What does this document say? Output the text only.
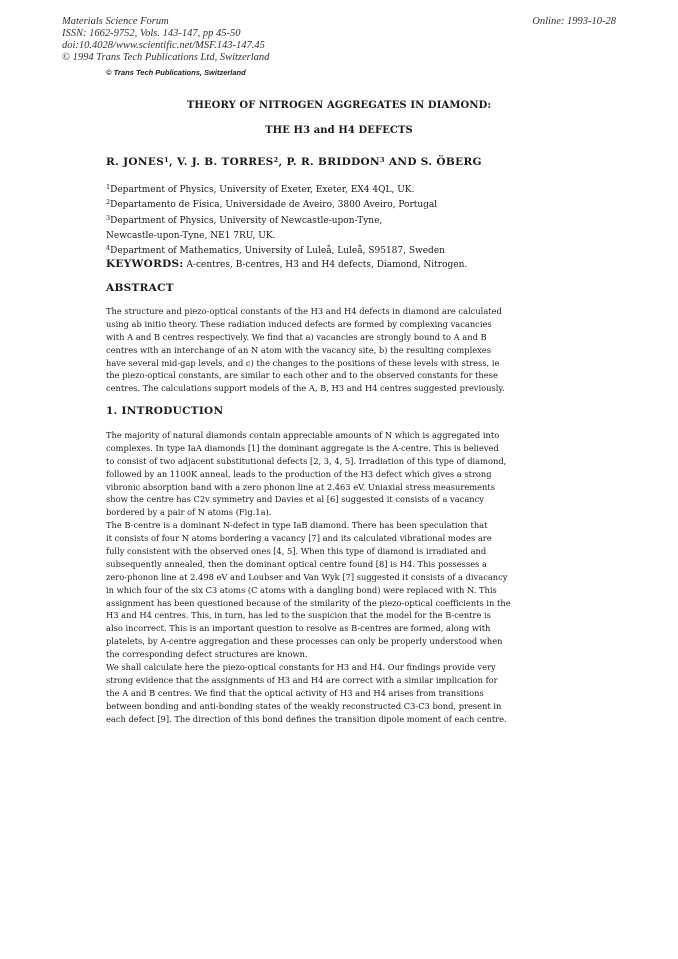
Materials Science Forum
ISSN: 1662-9752, Vols. 143-147, pp 45-50
doi:10.4028/www.scientific.net/MSF.143-147.45
© 1994 Trans Tech Publications Ltd, Switzerland
Online: 1993-10-28
© Trans Tech Publications, Switzerland
THEORY OF NITROGEN AGGREGATES IN DIAMOND:
THE H3 and H4 DEFECTS
R. JONES$^1$, V. J. B. TORRES$^2$, P. R. BRIDDON$^3$ AND S. ÖBERG
$^1$Department of Physics, University of Exeter, Exeter, EX4 4QL, UK.
$^2$Departamento de Física, Universidade de Aveiro, 3800 Aveiro, Portugal
$^3$Department of Physics, University of Newcastle-upon-Tyne,
Newcastle-upon-Tyne, NE1 7RU, UK.
$^4$Department of Mathematics, University of Luleå, Luleå, S95187, Sweden
KEYWORDS: A-centres, B-centres, H3 and H4 defects, Diamond, Nitrogen.
ABSTRACT
The structure and piezo-optical constants of the H3 and H4 defects in diamond are calculated
using ab initio theory. These radiation induced defects are formed by complexing vacancies
with A and B centres respectively. We find that a) vacancies are strongly bound to A and B
centres with an interchange of an N atom with the vacancy site, b) the resulting complexes
have several mid-gap levels, and c) the changes to the positions of these levels with stress, ie
the piezo-optical constants, are similar to each other and to the observed constants for these
centres. The calculations support models of the A, B, H3 and H4 centres suggested previously.
1. INTRODUCTION
The majority of natural diamonds contain appreciable amounts of N which is aggregated into
complexes. In type IaA diamonds [1] the dominant aggregate is the A-centre. This is believed
to consist of two adjacent substitutional defects [2, 3, 4, 5]. Irradiation of this type of diamond,
followed by an 1100K anneal, leads to the production of the H3 defect which gives a strong
vibronic absorption band with a zero phonon line at 2.463 eV. Uniaxial stress measurements
show the centre has C2v symmetry and Davies et al [6] suggested it consists of a vacancy
bordered by a pair of N atoms (Fig.1a).
The B-centre is a dominant N-defect in type IaB diamond. There has been speculation that
it consists of four N atoms bordering a vacancy [7] and its calculated vibrational modes are
fully consistent with the observed ones [4, 5]. When this type of diamond is irradiated and
subsequently annealed, then the dominant optical centre found [8] is H4. This possesses a
zero-phonon line at 2.498 eV and Loubser and Van Wyk [7] suggested it consists of a divacancy
in which four of the six C3 atoms (C atoms with a dangling bond) were replaced with N. This
assignment has been questioned because of the similarity of the piezo-optical coefficients in the
H3 and H4 centres. This, in turn, has led to the suspicion that the model for the B-centre is
also incorrect. This is an important question to resolve as B-centres are formed, along with
platelets, by A-centre aggregation and these processes can only be properly understood when
the corresponding defect structures are known.
We shall calculate here the piezo-optical constants for H3 and H4. Our findings provide very
strong evidence that the assignments of H3 and H4 are correct with a similar implication for
the A and B centres. We find that the optical activity of H3 and H4 arises from transitions
between bonding and anti-bonding states of the weakly reconstructed C3-C3 bond, present in
each defect [9]. The direction of this bond defines the transition dipole moment of each centre.
